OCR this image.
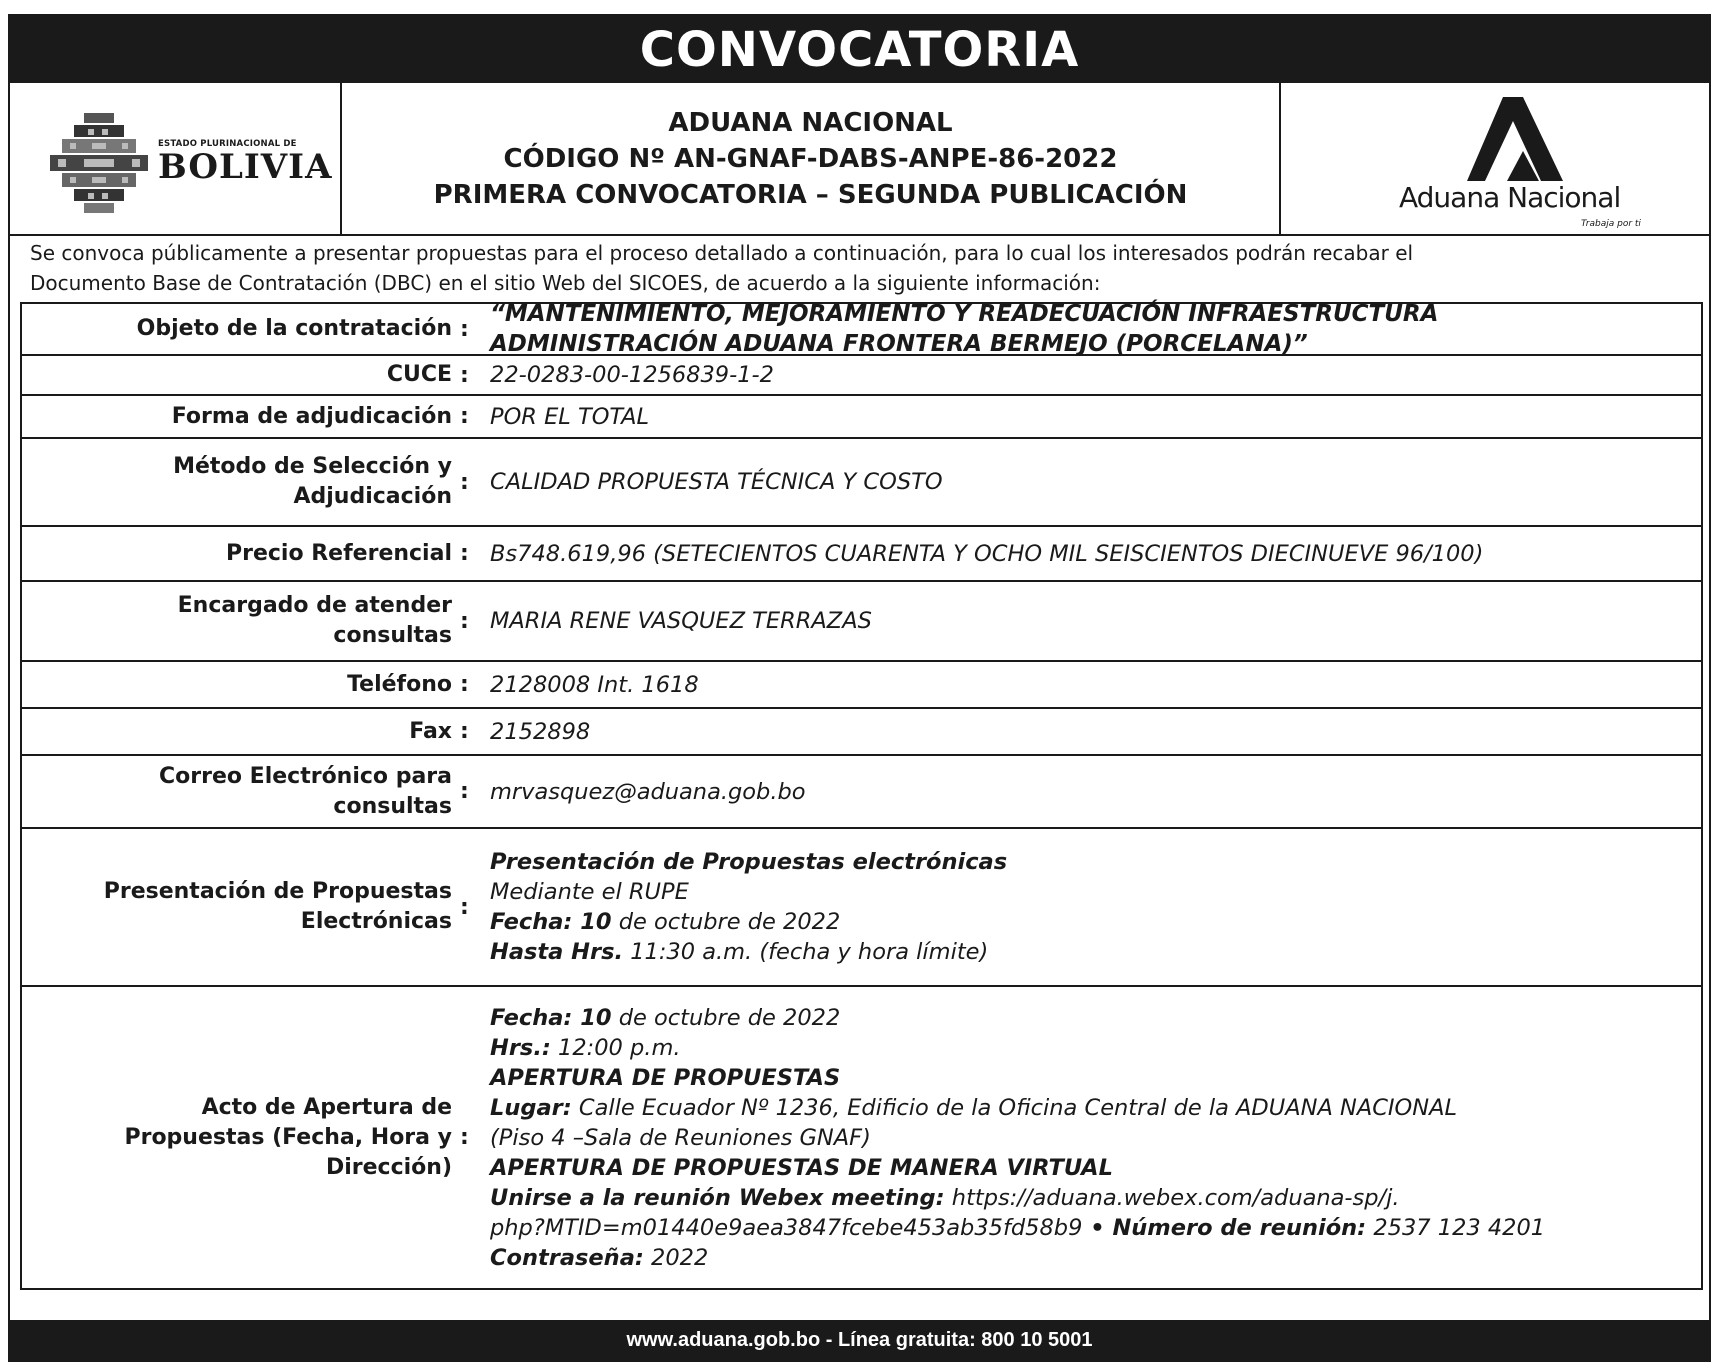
CONVOCATORIA
ESTADO PLURINACIONAL DE
BOLIVIA
ADUANA NACIONAL
CÓDIGO Nº AN-GNAF-DABS-ANPE-86-2022
PRIMERA CONVOCATORIA – SEGUNDA PUBLICACIÓN	Aduana Nacional
Trabaja por ti
Se convoca públicamente a presentar propuestas para el proceso detallado a continuación, para lo cual los interesados podrán recabar el
Documento Base de Contratación (DBC) en el sitio Web del SICOES, de acuerdo a la siguiente información:
Objeto de la contratación :
“MANTENIMIENTO, MEJORAMIENTO Y READECUACIÓN INFRAESTRUCTURA
ADMINISTRACIÓN ADUANA FRONTERA BERMEJO (PORCELANA)”
CUCE : 22-0283-00-1256839-1-2
Forma de adjudicación : POR EL TOTAL
Método de Selección y
Adjudicación
: CALIDAD PROPUESTA TÉCNICA Y COSTO
Precio Referencial : Bs748.619,96 (SETECIENTOS CUARENTA Y OCHO MIL SEISCIENTOS DIECINUEVE 96/100)
Encargado de atender
consultas
: MARIA RENE VASQUEZ TERRAZAS
Teléfono : 2128008 Int. 1618
Fax : 2152898
Correo Electrónico para
consultas
: mrvasquez@aduana.gob.bo
Presentación de Propuestas
Electrónicas
:
Presentación de Propuestas electrónicas
Mediante el RUPE
Fecha: 10 de octubre de 2022
Hasta Hrs. 11:30 a.m. (fecha y hora límite)
Acto de Apertura de
Propuestas (Fecha, Hora y
Dirección)
:
Fecha: 10 de octubre de 2022
Hrs.: 12:00 p.m.
APERTURA DE PROPUESTAS
Lugar: Calle Ecuador Nº 1236, Edificio de la Oficina Central de la ADUANA NACIONAL
(Piso 4 –Sala de Reuniones GNAF)
APERTURA DE PROPUESTAS DE MANERA VIRTUAL
Unirse a la reunión Webex meeting: https://aduana.webex.com/aduana-sp/j.
php?MTID=m01440e9aea3847fcebe453ab35fd58b9 • Número de reunión: 2537 123 4201
Contraseña: 2022
www.aduana.gob.bo - Línea gratuita: 800 10 5001
